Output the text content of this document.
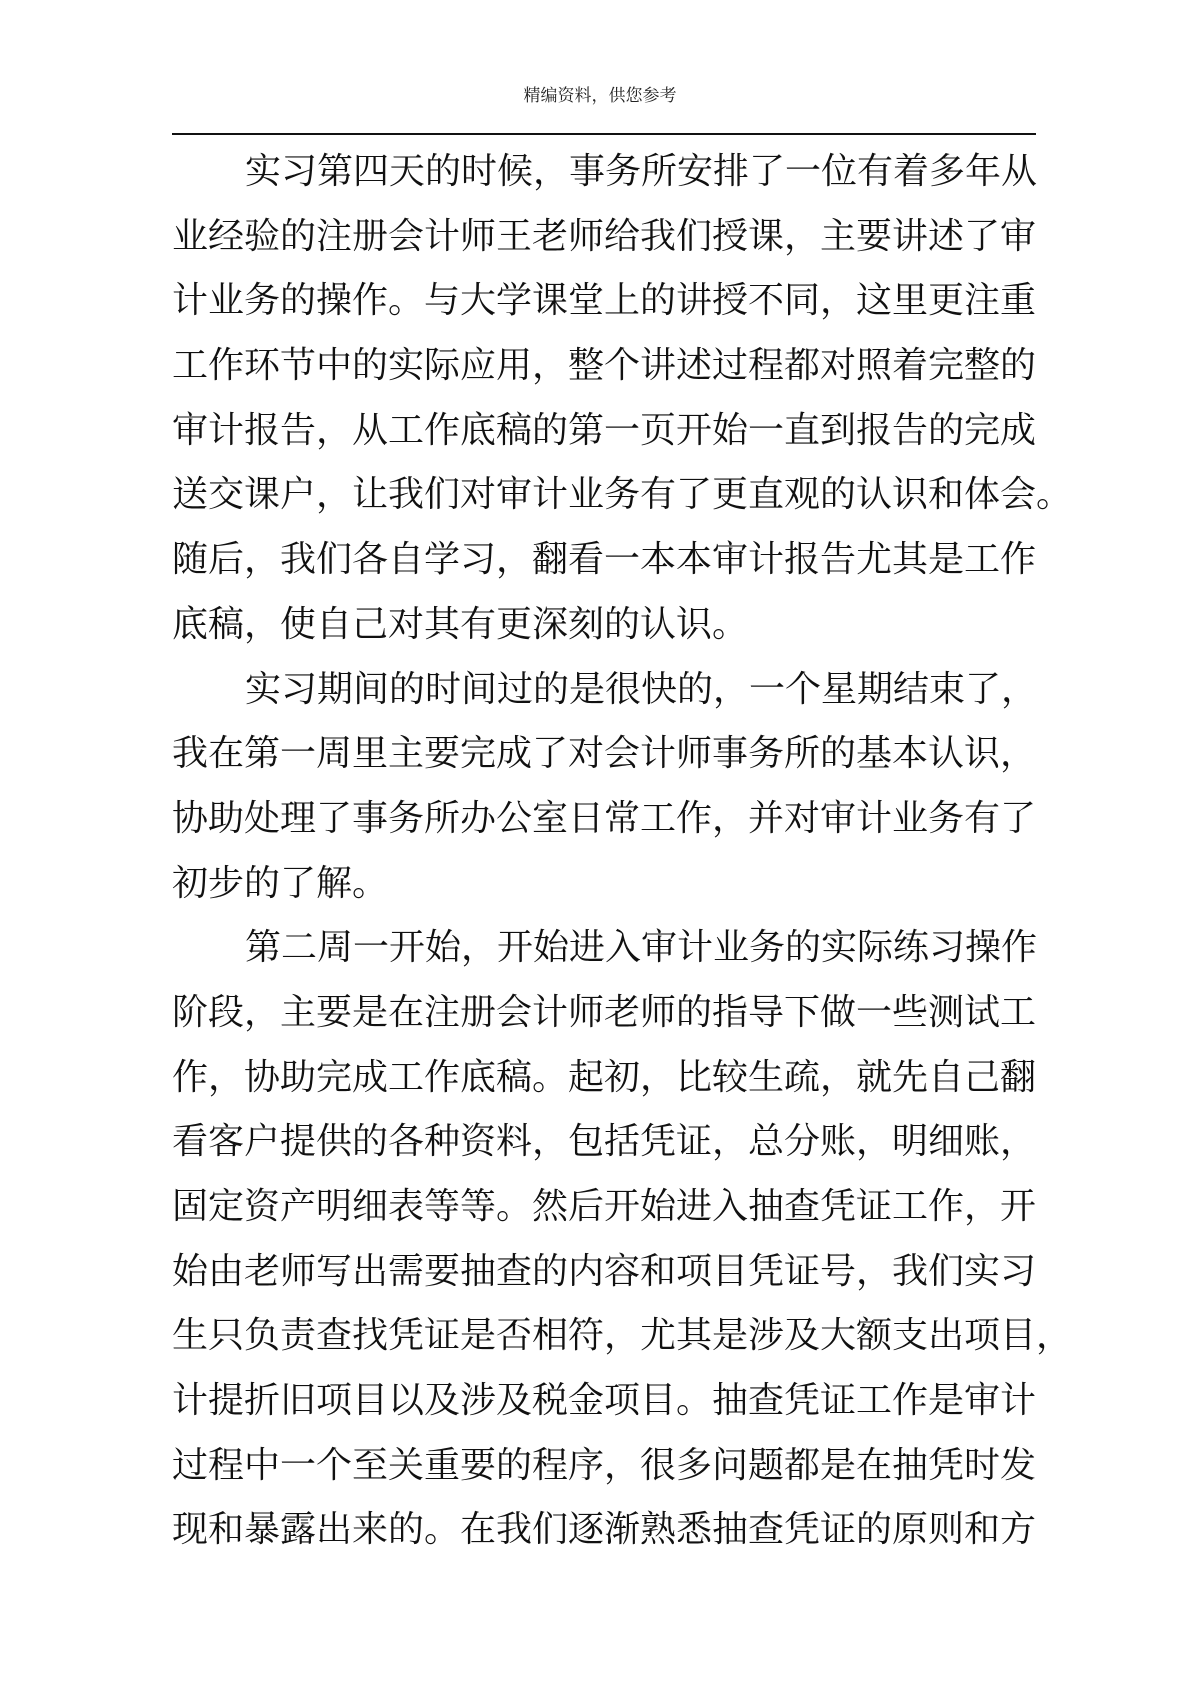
精编资料，供您参考
实习第四天的时候，事务所安排了一位有着多年从
业经验的注册会计师王老师给我们授课，主要讲述了审
计业务的操作。与大学课堂上的讲授不同，这里更注重
工作环节中的实际应用，整个讲述过程都对照着完整的
审计报告，从工作底稿的第一页开始一直到报告的完成
送交课户，让我们对审计业务有了更直观的认识和体会。
随后，我们各自学习，翻看一本本审计报告尤其是工作
底稿，使自己对其有更深刻的认识。
实习期间的时间过的是很快的，一个星期结束了，
我在第一周里主要完成了对会计师事务所的基本认识，
协助处理了事务所办公室日常工作，并对审计业务有了
初步的了解。
第二周一开始，开始进入审计业务的实际练习操作
阶段，主要是在注册会计师老师的指导下做一些测试工
作，协助完成工作底稿。起初，比较生疏，就先自己翻
看客户提供的各种资料，包括凭证，总分账，明细账，
固定资产明细表等等。然后开始进入抽查凭证工作，开
始由老师写出需要抽查的内容和项目凭证号，我们实习
生只负责查找凭证是否相符，尤其是涉及大额支出项目，
计提折旧项目以及涉及税金项目。抽查凭证工作是审计
过程中一个至关重要的程序，很多问题都是在抽凭时发
现和暴露出来的。在我们逐渐熟悉抽查凭证的原则和方
